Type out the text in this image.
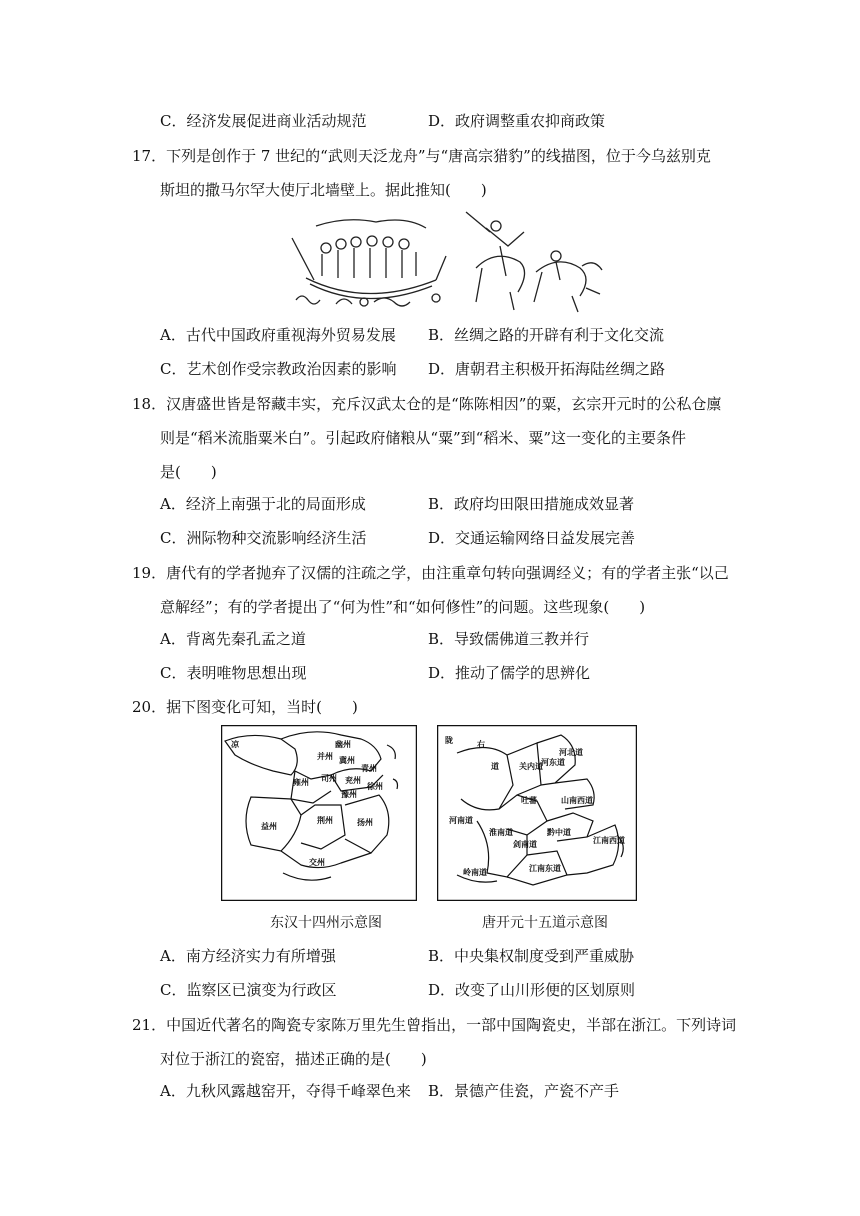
C．经济发展促进商业活动规范	D．政府调整重农抑商政策
17．下列是创作于 7 世纪的“武则天泛龙舟”与“唐高宗猎豹”的线描图，位于今乌兹别克
斯坦的撒马尔罕大使厅北墙壁上。据此推知(　　)
A．古代中国政府重视海外贸易发展 B．丝绸之路的开辟有利于文化交流
C．艺术创作受宗教政治因素的影响 D．唐朝君主积极开拓海陆丝绸之路
18．汉唐盛世皆是帑藏丰实，充斥汉武太仓的是“陈陈相因”的粟，玄宗开元时的公私仓廪
则是“稻米流脂粟米白”。引起政府储粮从“粟”到“稻米、粟”这一变化的主要条件
是(　　)
A．经济上南强于北的局面形成	B．政府均田限田措施成效显著
C．洲际物种交流影响经济生活	D．交通运输网络日益发展完善
19．唐代有的学者抛弃了汉儒的注疏之学，由注重章句转向强调经义；有的学者主张“以己
意解经”；有的学者提出了“何为性”和“如何修性”的问题。这些现象(　　)
A．背离先秦孔孟之道	B．导致儒佛道三教并行
C．表明唯物思想出现	D．推动了儒学的思辨化
20．据下图变化可知，当时(　　)
凉	幽州
并州 冀州
青州
司州 兖州
豫州
徐州
雍州
益州
荆州	扬州
交州
陇	右
道	关内道
河东道
河北道
河南道
吐蕃	山南西道
淮南道
剑南道
黔中道
江南西道
江南东道
岭南道
东汉十四州示意图	唐开元十五道示意图
A．南方经济实力有所增强	B．中央集权制度受到严重威胁
C．监察区已演变为行政区	D．改变了山川形便的区划原则
21．中国近代著名的陶瓷专家陈万里先生曾指出，一部中国陶瓷史，半部在浙江。下列诗词
对位于浙江的瓷窑，描述正确的是(　　)
A．九秋风露越窑开，夺得千峰翠色来 B．景德产佳瓷，产瓷不产手
